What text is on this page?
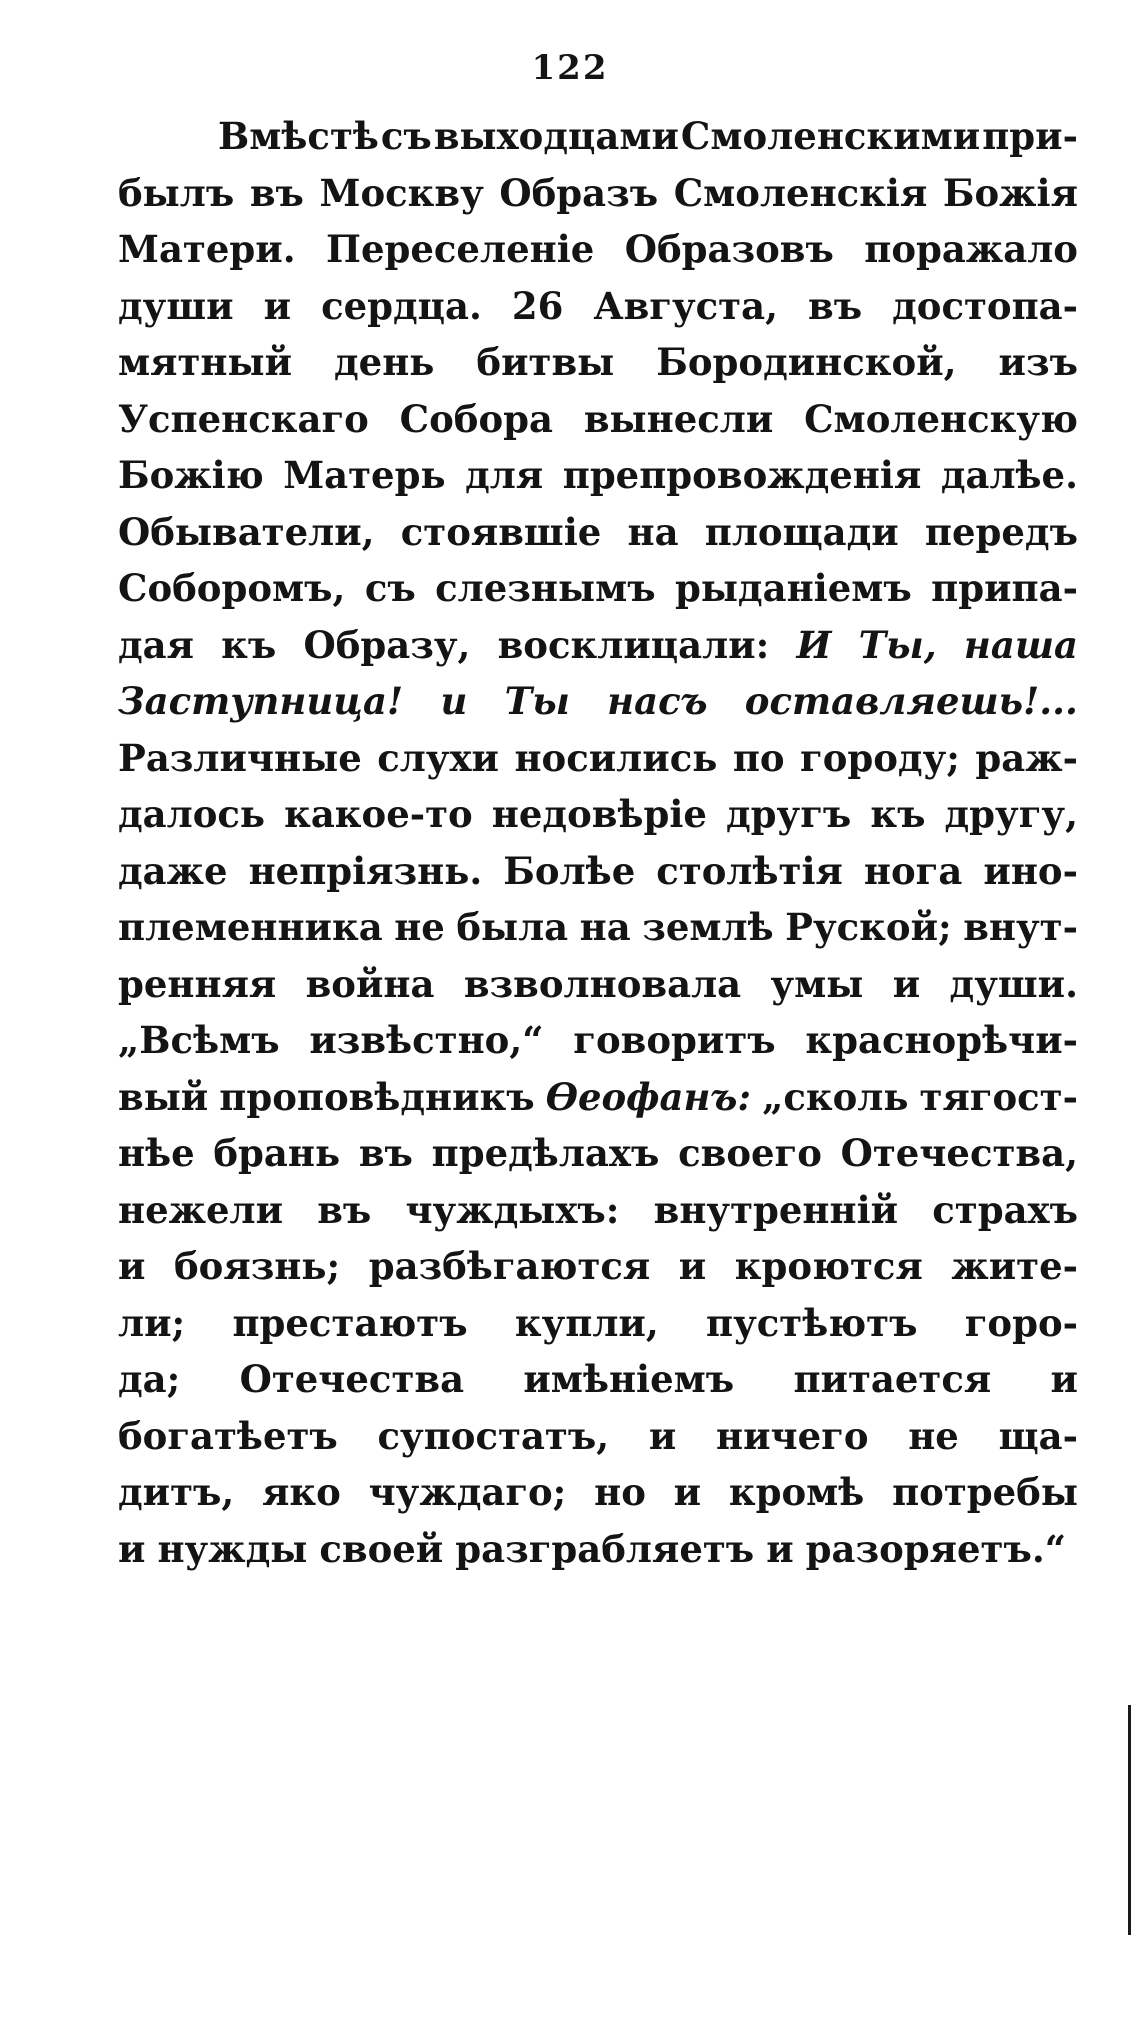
122
Вмѣстѣ съ выходцами Смоленскими при-
былъ въ Москву Образъ Смоленскія Божія
Матери. Переселеніе Образовъ поражало
души и сердца. 26 Августа, въ достопа-
мятный день битвы Бородинской, изъ
Успенскаго Собора вынесли Смоленскую
Божію Матерь для препровожденія далѣе.
Обыватели, стоявшіе на площади передъ
Соборомъ, съ слезнымъ рыданіемъ припа-
дая къ Образу, восклицали: И Ты, наша
Заступница! и Ты насъ оставляешь!...
Различные слухи носились по городу; раж-
далось какое-то недовѣріе другъ къ другу,
даже непріязнь. Болѣе столѣтія нога ино-
племенника не была на землѣ Руской; внут-
ренняя война взволновала умы и души.
„Всѣмъ извѣстно,“ говоритъ краснорѣчи-
вый проповѣдникъ Ѳеофанъ: „сколь тягост-
нѣе брань въ предѣлахъ своего Отечества,
нежели въ чуждыхъ: внутренній страхъ
и боязнь; разбѣгаются и кроются жите-
ли; престаютъ купли, пустѣютъ горо-
да; Отечества имѣніемъ питается и
богатѣетъ супостатъ, и ничего не ща-
дитъ, яко чуждаго; но и кромѣ потребы
и нужды своей разграбляетъ и разоряетъ.“
